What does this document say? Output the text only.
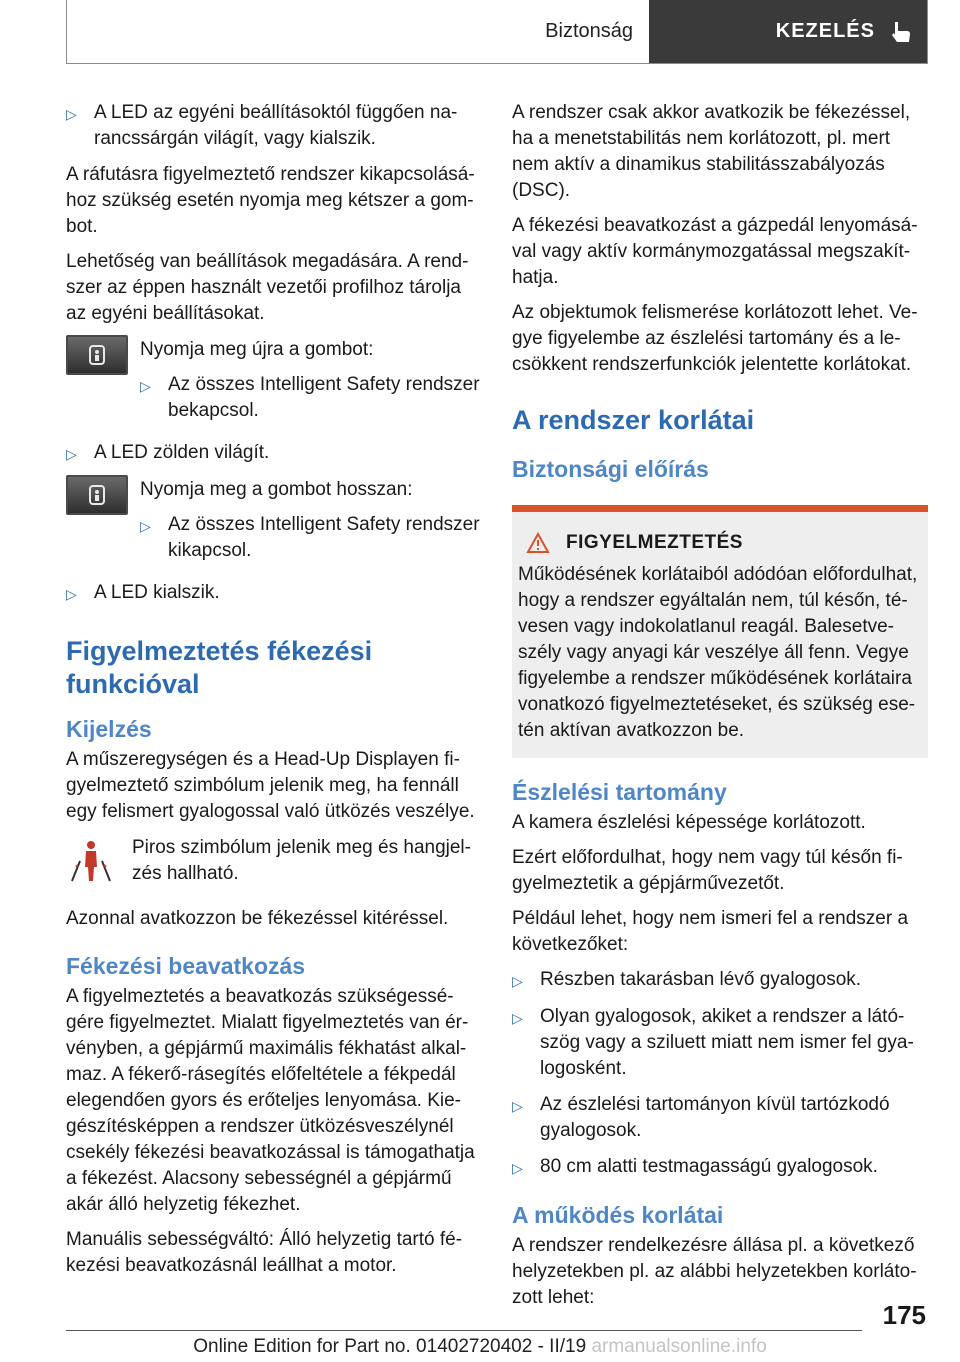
Biztonság	KEZELÉS
▷ A LED az egyéni beállításoktól függően na-rancssárgán világít, vagy kialszik.

A ráfutásra figyelmeztető rendszer kikapcsolásá-hoz szükség esetén nyomja meg kétszer a gom-bot.

Lehetőség van beállítások megadására. A rend-szer az éppen használt vezetői profilhoz tárolja az egyéni beállításokat.

Nyomja meg újra a gombot:

▷ Az összes Intelligent Safety rendszer bekapcsol.
▷ A LED zölden világít.

Nyomja meg a gombot hosszan:

▷ Az összes Intelligent Safety rendszer kikapcsol.
▷ A LED kialszik.
Figyelmeztetés fékezési funkcióval
Kijelzés

A műszeregységen és a Head-Up Displayen fi-gyelmeztető szimbólum jelenik meg, ha fennáll egy felismert gyalogossal való ütközés veszélye.

Piros szimbólum jelenik meg és hangjel-zés hallható.

Azonnal avatkozzon be fékezéssel kitéréssel.

Fékezési beavatkozás

A figyelmeztetés a beavatkozás szükségessé-gére figyelmeztet. Mialatt figyelmeztetés van ér-vényben, a gépjármű maximális fékhatást alkal-maz. A fékerő-rásegítés előfeltétele a fékpedál elegendően gyors és erőteljes lenyomása. Kie-gészítésképpen a rendszer ütközésveszélynél csekély fékezési beavatkozással is támogathatja a fékezést. Alacsony sebességnél a gépjármű akár álló helyzetig fékezhet.

Manuális sebességváltó: Álló helyzetig tartó fé-kezési beavatkozásnál leállhat a motor.

A rendszer csak akkor avatkozik be fékezéssel, ha a menetstabilitás nem korlátozott, pl. mert nem aktív a dinamikus stabilitásszabályozás (DSC).

A fékezési beavatkozást a gázpedál lenyomásá-val vagy aktív kormánymozgatással megszakít-hatja.

Az objektumok felismerése korlátozott lehet. Ve-gye figyelembe az észlelési tartomány és a le-csökkent rendszerfunkciók jelentette korlátokat.

A rendszer korlátai
Biztonsági előírás
FIGYELMEZTETÉS

Működésének korlátaiból adódóan előfordulhat, hogy a rendszer egyáltalán nem, túl későn, té-vesen vagy indokolatlanul reagál. Balesetve-szély vagy anyagi kár veszélye áll fenn. Vegye figyelembe a rendszer működésének korlátaira vonatkozó figyelmeztetéseket, és szükség ese-tén aktívan avatkozzon be.

Észlelési tartomány

A kamera észlelési képessége korlátozott.

Ezért előfordulhat, hogy nem vagy túl későn fi-gyelmeztetik a gépjárművezetőt.

Például lehet, hogy nem ismeri fel a rendszer a következőket:

▷ Részben takarásban lévő gyalogosok.
▷ Olyan gyalogosok, akiket a rendszer a látó-szög vagy a sziluett miatt nem ismer fel gya-logosként.
▷ Az észlelési tartományon kívül tartózkodó gyalogosok.
▷ 80 cm alatti testmagasságú gyalogosok.
A működés korlátai

A rendszer rendelkezésre állása pl. a következő helyzetekben pl. az alábbi helyzetekben korláto-zott lehet:

175
Online Edition for Part no. 01402720402 - II/19 armanualsonline.info
